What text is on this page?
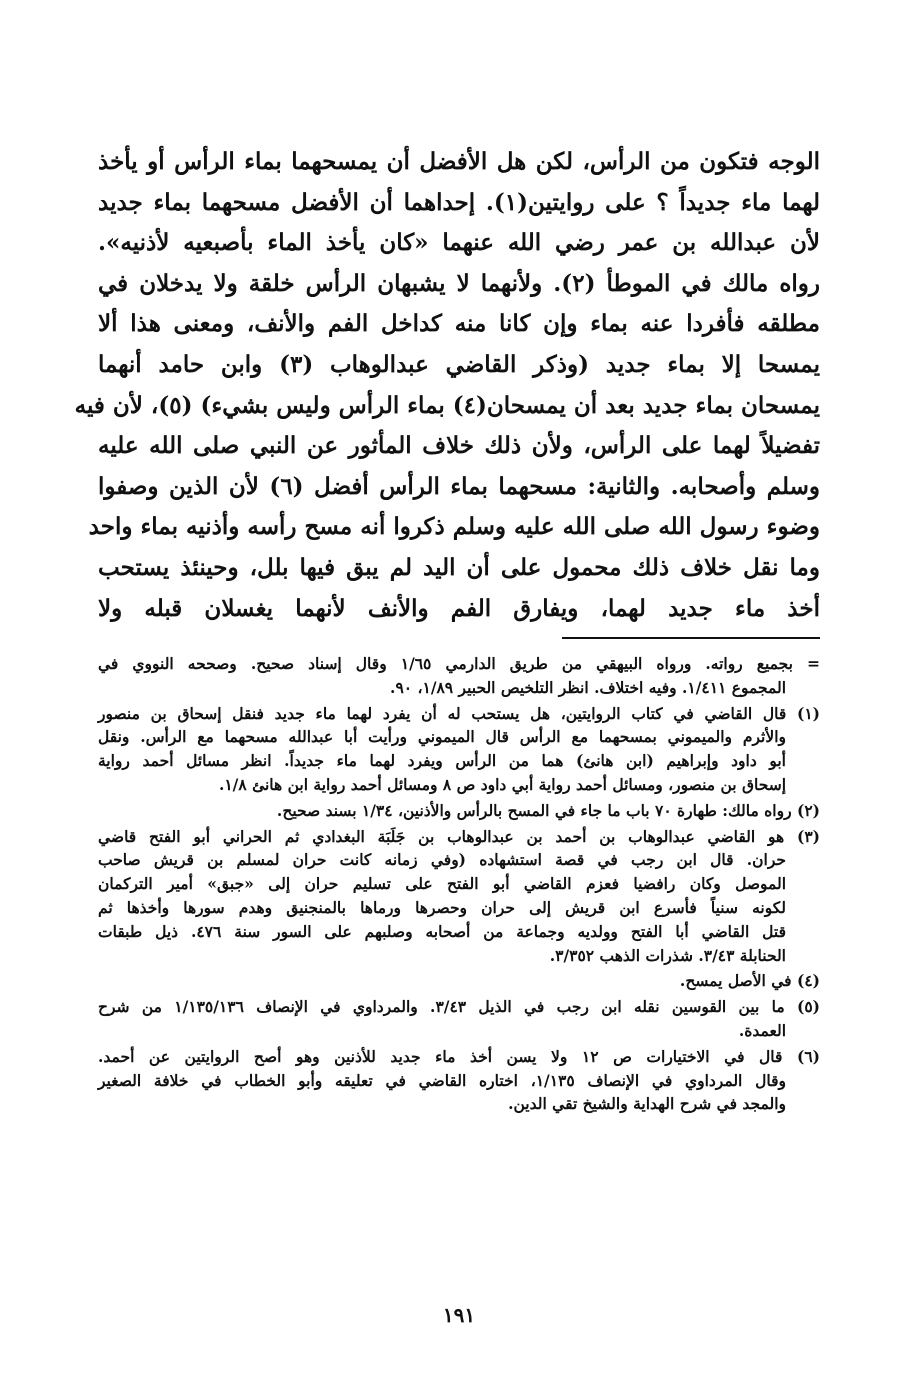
الوجه فتكون من الرأس، لكن هل الأفضل أن يمسحهما بماء الرأس أو يأخذ
لهما ماء جديداً ؟ على روايتين(١). إحداهما أن الأفضل مسحهما بماء جديد
لأن عبدالله بن عمر رضي الله عنهما «كان يأخذ الماء بأصبعيه لأذنيه».
رواه مالك في الموطأ (٢). ولأنهما لا يشبهان الرأس خلقة ولا يدخلان في
مطلقه فأفردا عنه بماء وإن كانا منه كداخل الفم والأنف، ومعنى هذا ألا
يمسحا إلا بماء جديد (وذكر القاضي عبدالوهاب (٣) وابن حامد أنهما
يمسحان بماء جديد بعد أن يمسحان(٤) بماء الرأس وليس بشيء) (٥)، لأن فيه
تفضيلاً لهما على الرأس، ولأن ذلك خلاف المأثور عن النبي صلى الله عليه
وسلم وأصحابه. والثانية: مسحهما بماء الرأس أفضل (٦) لأن الذين وصفوا
وضوء رسول الله صلى الله عليه وسلم ذكروا أنه مسح رأسه وأذنيه بماء واحد
وما نقل خلاف ذلك محمول على أن اليد لم يبق فيها بلل، وحينئذ يستحب
أخذ ماء جديد لهما، ويفارق الفم والأنف لأنهما يغسلان قبله ولا
= بجميع رواته. ورواه البيهقي من طريق الدارمي ١/٦٥ وقال إسناد صحيح. وصححه النووي في
المجموع ١/٤١١. وفيه اختلاف. انظر التلخيص الحبير ١/٨٩، ٩٠.
(١) قال القاضي في كتاب الروايتين، هل يستحب له أن يفرد لهما ماء جديد فنقل إسحاق بن منصور
والأثرم والميموني بمسحهما مع الرأس قال الميموني ورأيت أبا عبدالله مسحهما مع الرأس. ونقل
أبو داود وإبراهيم (ابن هانئ) هما من الرأس ويفرد لهما ماء جديداً. انظر مسائل أحمد رواية
إسحاق بن منصور، ومسائل أحمد رواية أبي داود ص ٨ ومسائل أحمد رواية ابن هانئ ١/٨.
(٢) رواه مالك: طهارة ٧٠ باب ما جاء في المسح بالرأس والأذنين، ١/٣٤ بسند صحيح.
(٣) هو القاضي عبدالوهاب بن أحمد بن عبدالوهاب بن جَلَبَة البغدادي ثم الحراني أبو الفتح قاضي
حران. قال ابن رجب في قصة استشهاده (وفي زمانه كانت حران لمسلم بن قريش صاحب
الموصل وكان رافضيا فعزم القاضي أبو الفتح على تسليم حران إلى «جبق» أمير التركمان
لكونه سنياً فأسرع ابن قريش إلى حران وحصرها ورماها بالمنجنيق وهدم سورها وأخذها ثم
قتل القاضي أبا الفتح وولديه وجماعة من أصحابه وصلبهم على السور سنة ٤٧٦. ذيل طبقات
الحنابلة ٣/٤٣. شذرات الذهب ٣/٣٥٢.
(٤) في الأصل يمسح.
(٥) ما بين القوسين نقله ابن رجب في الذيل ٣/٤٣. والمرداوي في الإنصاف ١/١٣٥/١٣٦ من شرح
العمدة.
(٦) قال في الاختيارات ص ١٢ ولا يسن أخذ ماء جديد للأذنين وهو أصح الروايتين عن أحمد.
وقال المرداوي في الإنصاف ١/١٣٥، اختاره القاضي في تعليقه وأبو الخطاب في خلافة الصغير
والمجد في شرح الهداية والشيخ تقي الدين.
١٩١
